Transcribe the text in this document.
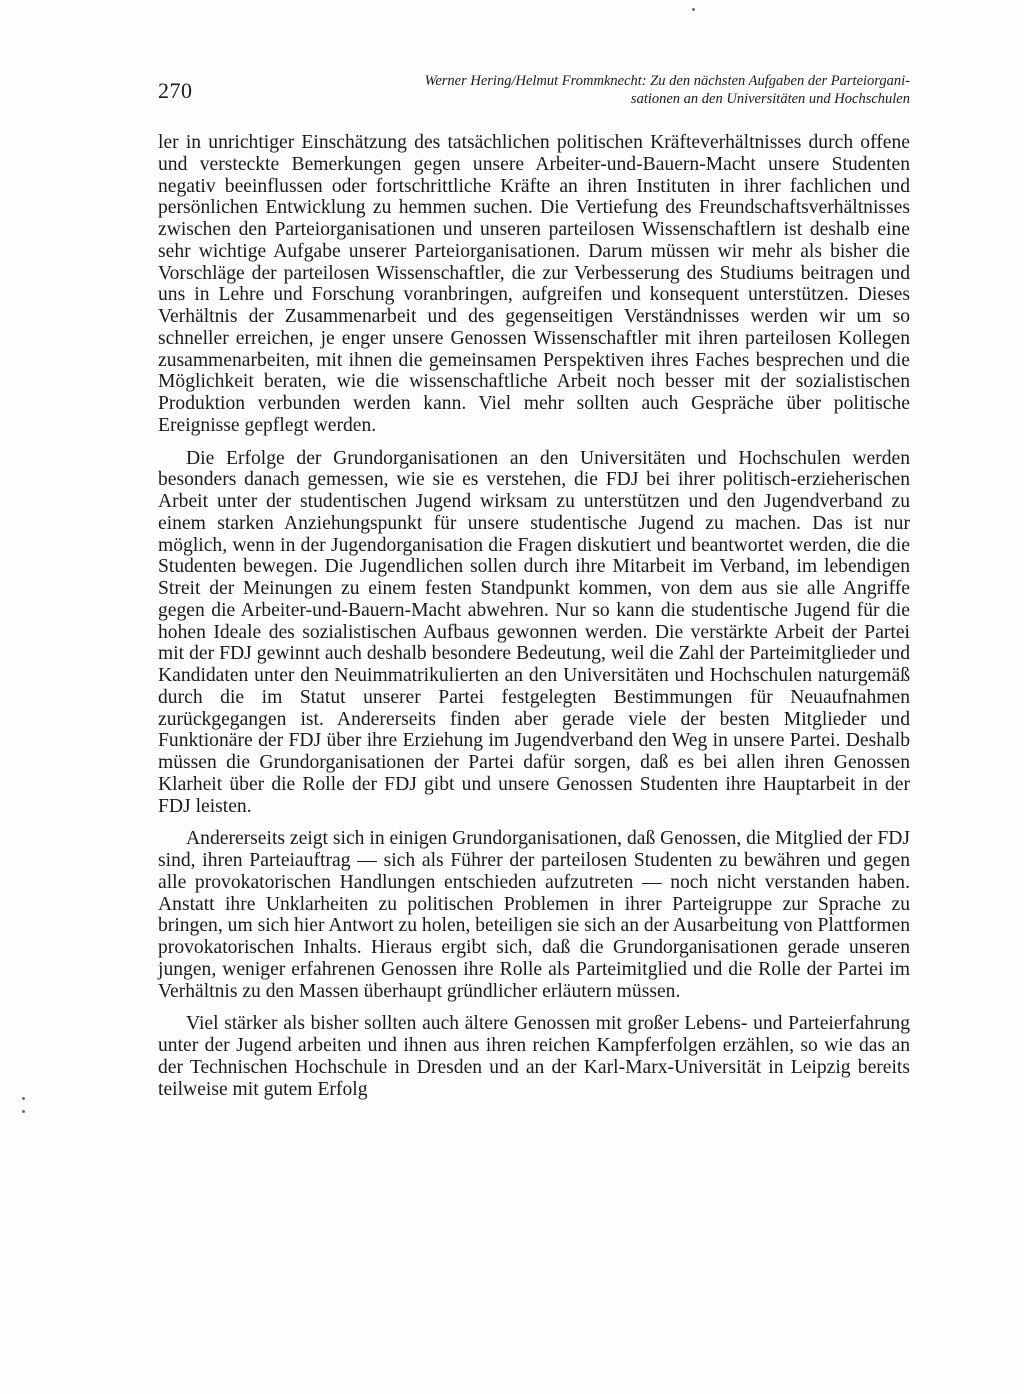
270	Werner Hering/Helmut Frommknecht: Zu den nächsten Aufgaben der Parteiorgani-
sationen an den Universitäten und Hochschulen

ler in unrichtiger Einschätzung des tatsächlichen politischen Kräfteverhältnisses durch offene und versteckte Bemerkungen gegen unsere Arbeiter-und-Bauern-Macht unsere Studenten negativ beeinflussen oder fortschrittliche Kräfte an ihren Instituten in ihrer fachlichen und persönlichen Entwicklung zu hemmen suchen. Die Vertiefung des Freundschaftsverhältnisses zwischen den Parteiorganisationen und unseren parteilosen Wissenschaftlern ist deshalb eine sehr wichtige Aufgabe unserer Parteiorganisationen. Darum müssen wir mehr als bisher die Vorschläge der parteilosen Wissenschaftler, die zur Verbesserung des Studiums beitragen und uns in Lehre und Forschung voranbringen, aufgreifen und konsequent unterstützen. Dieses Verhältnis der Zusammenarbeit und des gegenseitigen Verständnisses werden wir um so schneller erreichen, je enger unsere Genossen Wissenschaftler mit ihren parteilosen Kollegen zusammenarbeiten, mit ihnen die gemeinsamen Perspektiven ihres Faches besprechen und die Möglichkeit beraten, wie die wissenschaftliche Arbeit noch besser mit der sozialistischen Produktion verbunden werden kann. Viel mehr sollten auch Gespräche über politische Ereignisse gepflegt werden.

Die Erfolge der Grundorganisationen an den Universitäten und Hochschulen werden besonders danach gemessen, wie sie es verstehen, die FDJ bei ihrer politisch-erzieherischen Arbeit unter der studentischen Jugend wirksam zu unterstützen und den Jugendverband zu einem starken Anziehungspunkt für unsere studentische Jugend zu machen. Das ist nur möglich, wenn in der Jugendorganisation die Fragen diskutiert und beantwortet werden, die die Studenten bewegen. Die Jugendlichen sollen durch ihre Mitarbeit im Verband, im lebendigen Streit der Meinungen zu einem festen Standpunkt kommen, von dem aus sie alle Angriffe gegen die Arbeiter-und-Bauern-Macht abwehren. Nur so kann die studentische Jugend für die hohen Ideale des sozialistischen Aufbaus gewonnen werden. Die verstärkte Arbeit der Partei mit der FDJ gewinnt auch deshalb besondere Bedeutung, weil die Zahl der Parteimitglieder und Kandidaten unter den Neuimmatrikulierten an den Universitäten und Hochschulen naturgemäß durch die im Statut unserer Partei festgelegten Bestimmungen für Neuaufnahmen zurückgegangen ist. Andererseits finden aber gerade viele der besten Mitglieder und Funktionäre der FDJ über ihre Erziehung im Jugendverband den Weg in unsere Partei. Deshalb müssen die Grundorganisationen der Partei dafür sorgen, daß es bei allen ihren Genossen Klarheit über die Rolle der FDJ gibt und unsere Genossen Studenten ihre Hauptarbeit in der FDJ leisten.

Andererseits zeigt sich in einigen Grundorganisationen, daß Genossen, die Mitglied der FDJ sind, ihren Parteiauftrag — sich als Führer der parteilosen Studenten zu bewähren und gegen alle provokatorischen Handlungen entschieden aufzutreten — noch nicht verstanden haben. Anstatt ihre Unklarheiten zu politischen Problemen in ihrer Parteigruppe zur Sprache zu bringen, um sich hier Antwort zu holen, beteiligen sie sich an der Ausarbeitung von Plattformen provokatorischen Inhalts. Hieraus ergibt sich, daß die Grundorganisationen gerade unseren jungen, weniger erfahrenen Genossen ihre Rolle als Parteimitglied und die Rolle der Partei im Verhältnis zu den Massen überhaupt gründlicher erläutern müssen.

Viel stärker als bisher sollten auch ältere Genossen mit großer Lebens- und Parteierfahrung unter der Jugend arbeiten und ihnen aus ihren reichen Kampferfolgen erzählen, so wie das an der Technischen Hochschule in Dresden und an der Karl-Marx-Universität in Leipzig bereits teilweise mit gutem Erfolg
